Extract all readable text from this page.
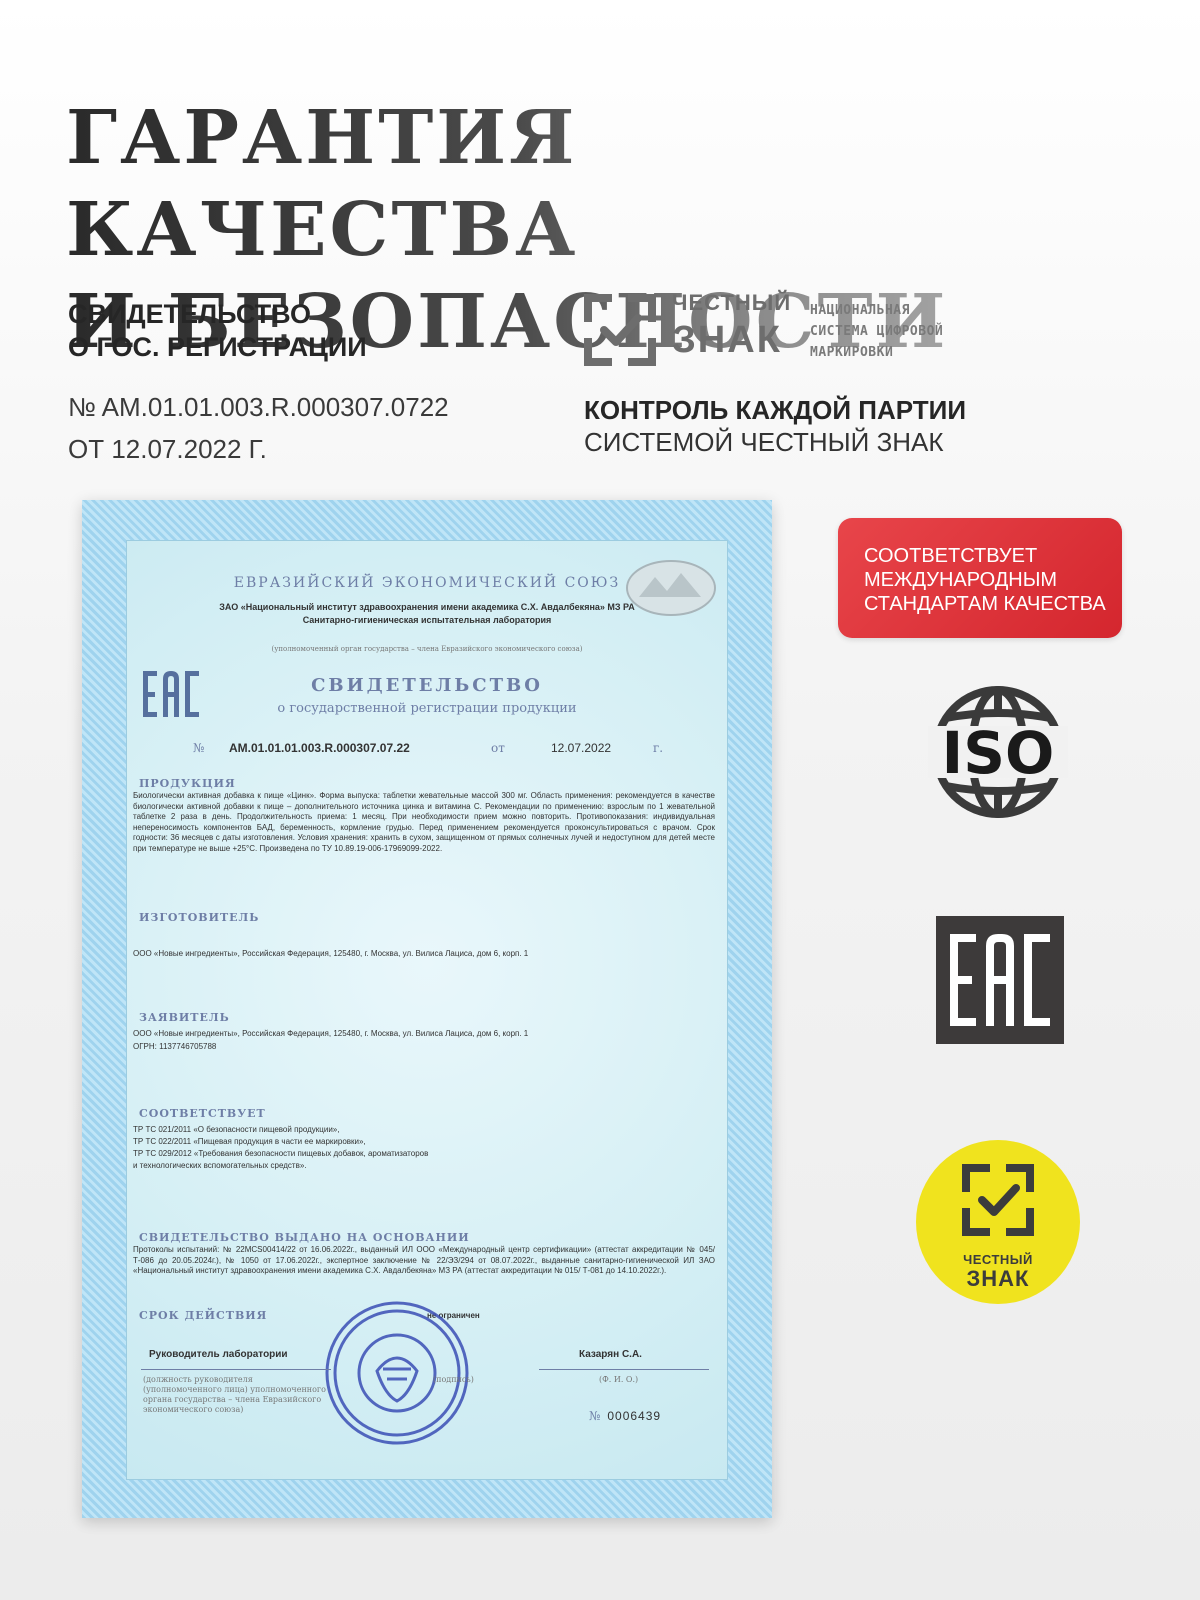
ГАРАНТИЯ КАЧЕСТВА
И БЕЗОПАСНОСТИ
СВИДЕТЕЛЬСТВО
О ГОС. РЕГИСТРАЦИИ
№ AM.01.01.003.R.000307.0722
ОТ 12.07.2022 Г.
ЧЕСТНЫЙ
ЗНАК
НАЦИОНАЛЬНАЯ
СИСТЕМА ЦИФРОВОЙ
МАРКИРОВКИ
КОНТРОЛЬ КАЖДОЙ ПАРТИИ
СИСТЕМОЙ ЧЕСТНЫЙ ЗНАК
СООТВЕТСТВУЕТ МЕЖДУНАРОДНЫМ СТАНДАРТАМ КАЧЕСТВА
ISO
ЧЕСТНЫЙ
ЗНАК

ЕВРАЗИЙСКИЙ ЭКОНОМИЧЕСКИЙ СОЮЗ

ЗАО «Национальный институт здравоохранения имени академика С.Х. Авдалбекяна» МЗ РА

Санитарно-гигиеническая испытательная лаборатория

(уполномоченный орган государства – члена Евразийского экономического союза)

СВИДЕТЕЛЬСТВО

о государственной регистрации продукции

№ AM.01.01.01.003.R.000307.07.22	от	12.07.2022	г.

ПРОДУКЦИЯ

Биологически активная добавка к пище «Цинк». Форма выпуска: таблетки жевательные массой 300 мг. Область применения: рекомендуется в качестве биологически активной добавки к пище – дополнительного источника цинка и витамина С. Рекомендации по применению: взрослым по 1 жевательной таблетке 2 раза в день. Продолжительность приема: 1 месяц. При необходимости прием можно повторить. Противопоказания: индивидуальная непереносимость компонентов БАД, беременность, кормление грудью. Перед применением рекомендуется проконсультироваться с врачом. Срок годности: 36 месяцев с даты изготовления. Условия хранения: хранить в сухом, защищенном от прямых солнечных лучей и недоступном для детей месте при температуре не выше +25°С. Произведена по ТУ 10.89.19-006-17969099-2022.

ИЗГОТОВИТЕЛЬ

ООО «Новые ингредиенты», Российская Федерация, 125480, г. Москва, ул. Вилиса Лациса, дом 6, корп. 1

ЗАЯВИТЕЛЬ

ООО «Новые ингредиенты», Российская Федерация, 125480, г. Москва, ул. Вилиса Лациса, дом 6, корп. 1

ОГРН: 1137746705788

СООТВЕТСТВУЕТ

ТР ТС 021/2011 «О безопасности пищевой продукции»,

ТР ТС 022/2011 «Пищевая продукция в части ее маркировки»,

ТР ТС 029/2012 «Требования безопасности пищевых добавок, ароматизаторов

и технологических вспомогательных средств».

СВИДЕТЕЛЬСТВО ВЫДАНО НА ОСНОВАНИИ

Протоколы испытаний: № 22MCS00414/22 от 16.06.2022г., выданный ИЛ ООО «Международный центр сертификации» (аттестат аккредитации № 045/Т-086 до 20.05.2024г.), № 1050 от 17.06.2022г., экспертное заключение № 22/ЭЗ/294 от 08.07.2022г., выданные санитарно-гигиенической ИЛ ЗАО «Национальный институт здравоохранения имени академика С.Х. Авдалбекяна» МЗ РА (аттестат аккредитации № 015/ Т-081 до 14.10.2022г.).

СРОК ДЕЙСТВИЯ	не ограничен

Руководитель лаборатории	Казарян С.А.

(должность руководителя (уполномоченного лица) уполномоченного органа государства – члена Евразийского экономического союза)

(подпись)	(Ф. И. О.)

№ 0006439
